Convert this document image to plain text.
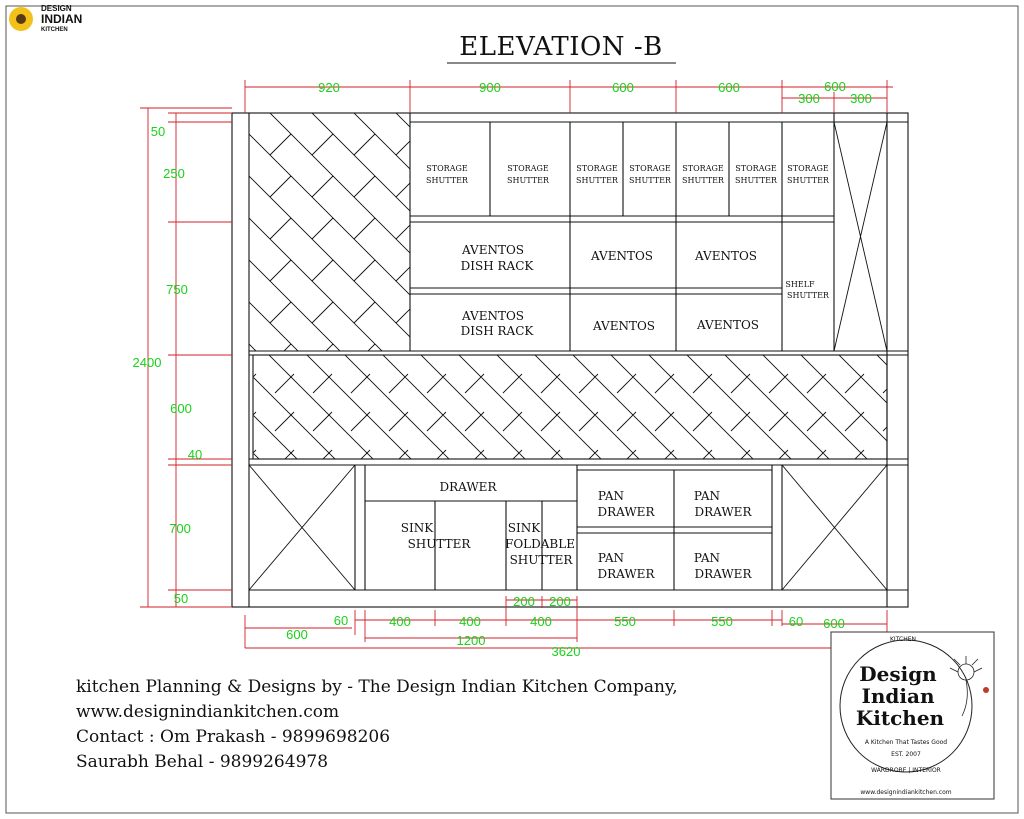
DESIGN
INDIAN
KITCHEN
ELEVATION -B
STORAGE
SHUTTER
STORAGE
SHUTTER
STORAGE
SHUTTER
STORAGE
SHUTTER
STORAGE
SHUTTER
STORAGE
SHUTTER
STORAGE
SHUTTER
AVENTOS
DISH RACK
AVENTOS
DISH RACK
AVENTOS	AVENTOS
AVENTOS	AVENTOS
SHELF
SHUTTER
DRAWER
SINK
SHUTTER
SINK
FOLDABLE
SHUTTER
PAN
DRAWER
PAN
DRAWER
PAN
DRAWER
PAN
DRAWER
920	900	600	600	600
300 300
50
250
750
2400
600
40
700
50
60	400	400	400
200 200
550	550	60 600
600	1200
3620
kitchen Planning & Designs by - The Design Indian Kitchen Company,
www.designindiankitchen.com
Contact : Om Prakash - 9899698206
Saurabh Behal - 9899264978
KITCHEN
Design
Indian
Kitchen
A Kitchen That Tastes Good
EST. 2007
WARDROBE | INTERIOR
www.designindiankitchen.com
